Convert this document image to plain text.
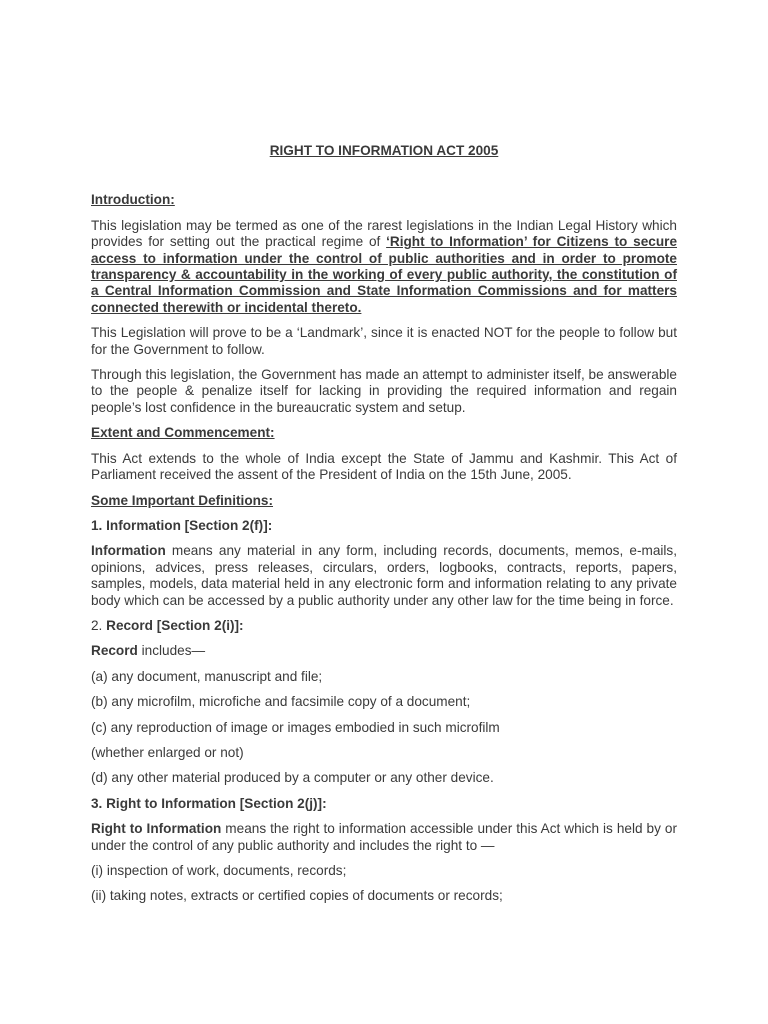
RIGHT TO INFORMATION ACT 2005
Introduction:

This legislation may be termed as one of the rarest legislations in the Indian Legal History which provides for setting out the practical regime of ‘Right to Information’ for Citizens to secure access to information under the control of public authorities and in order to promote transparency & accountability in the working of every public authority, the constitution of a Central Information Commission and State Information Commissions and for matters connected therewith or incidental thereto.

This Legislation will prove to be a ‘Landmark’, since it is enacted NOT for the people to follow but for the Government to follow.

Through this legislation, the Government has made an attempt to administer itself, be answerable to the people & penalize itself for lacking in providing the required information and regain people’s lost confidence in the bureaucratic system and setup.

Extent and Commencement:

This Act extends to the whole of India except the State of Jammu and Kashmir. This Act of Parliament received the assent of the President of India on the 15th June, 2005.

Some Important Definitions:
1. Information [Section 2(f)]:

Information means any material in any form, including records, documents, memos, e-mails, opinions, advices, press releases, circulars, orders, logbooks, contracts, reports, papers, samples, models, data material held in any electronic form and information relating to any private body which can be accessed by a public authority under any other law for the time being in force.

2. Record [Section 2(i)]:

Record includes—

(a) any document, manuscript and file;

(b) any microfilm, microfiche and facsimile copy of a document;

(c) any reproduction of image or images embodied in such microfilm

(whether enlarged or not)

(d) any other material produced by a computer or any other device.

3. Right to Information [Section 2(j)]:

Right to Information means the right to information accessible under this Act which is held by or under the control of any public authority and includes the right to —

(i) inspection of work, documents, records;

(ii) taking notes, extracts or certified copies of documents or records;
